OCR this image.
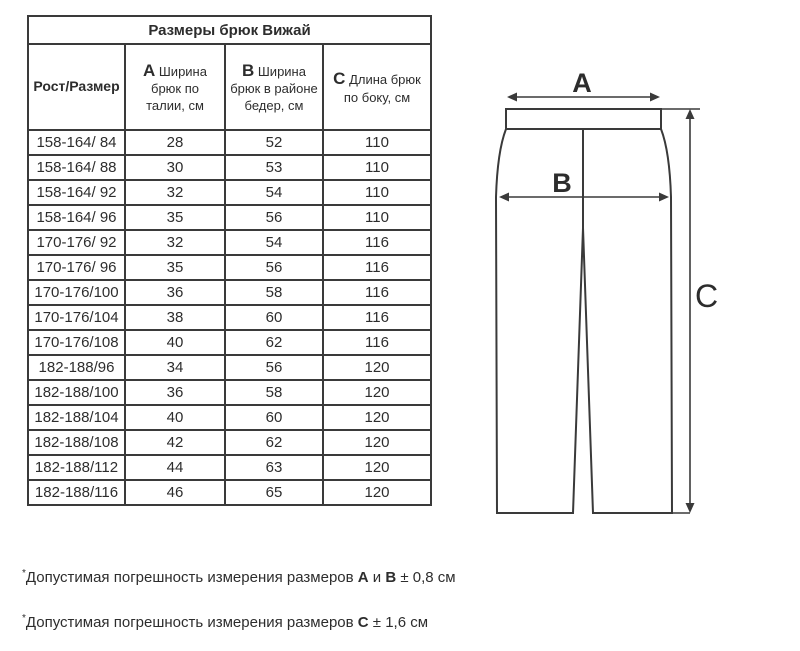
Размеры брюк Вижай			
Рост/Размер	A Ширина брюк по талии, см	B Ширина брюк в районе бедер, см	C Длина брюк по боку, см
158-164/ 84	28	52	110
158-164/ 88	30	53	110
158-164/ 92	32	54	110
158-164/ 96	35	56	110
170-176/ 92	32	54	116
170-176/ 96	35	56	116
170-176/100	36	58	116
170-176/104	38	60	116
170-176/108	40	62	116
182-188/96	34	56	120
182-188/100	36	58	120
182-188/104	40	60	120
182-188/108	42	62	120
182-188/112	44	63	120
182-188/116	46	65	120
A
B
C

*Допустимая погрешность измерения размеров A и B ± 0,8 см

*Допустимая погрешность измерения размеров C ± 1,6 см
